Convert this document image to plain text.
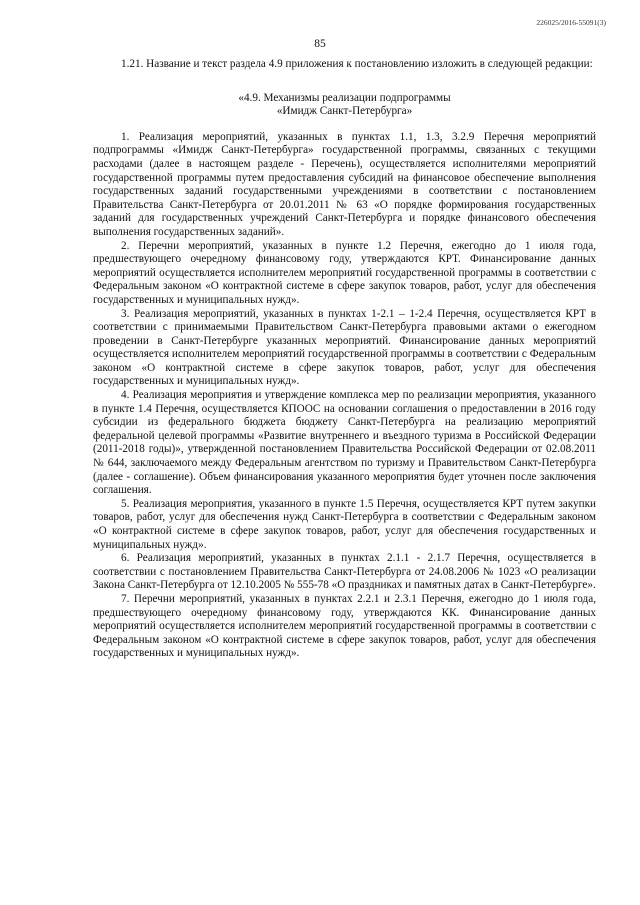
226025/2016-55091(3)
85

1.21. Название и текст раздела 4.9 приложения к постановлению изложить в следующей редакции:

«4.9. Механизмы реализации подпрограммы
«Имидж Санкт-Петербурга»

1. Реализация мероприятий, указанных в пунктах 1.1, 1.3, 3.2.9 Перечня мероприятий подпрограммы «Имидж Санкт-Петербурга» государственной программы, связанных с текущими расходами (далее в настоящем разделе - Перечень), осуществляется исполнителями мероприятий государственной программы путем предоставления субсидий на финансовое обеспечение выполнения государственных заданий государственными учреждениями в соответствии с постановлением Правительства Санкт-Петербурга от 20.01.2011 № 63 «О порядке формирования государственных заданий для государственных учреждений Санкт-Петербурга и порядке финансового обеспечения выполнения государственных заданий».

2. Перечни мероприятий, указанных в пункте 1.2 Перечня, ежегодно до 1 июля года, предшествующего очередному финансовому году, утверждаются КРТ. Финансирование данных мероприятий осуществляется исполнителем мероприятий государственной программы в соответствии с Федеральным законом «О контрактной системе в сфере закупок товаров, работ, услуг для обеспечения государственных и муниципальных нужд».

3. Реализация мероприятий, указанных в пунктах 1-2.1 – 1-2.4 Перечня, осуществляется КРТ в соответствии с принимаемыми Правительством Санкт-Петербурга правовыми актами о ежегодном проведении в Санкт-Петербурге указанных мероприятий. Финансирование данных мероприятий осуществляется исполнителем мероприятий государственной программы в соответствии с Федеральным законом «О контрактной системе в сфере закупок товаров, работ, услуг для обеспечения государственных и муниципальных нужд».

4. Реализация мероприятия и утверждение комплекса мер по реализации мероприятия, указанного в пункте 1.4 Перечня, осуществляется КПООС на основании соглашения о предоставлении в 2016 году субсидии из федерального бюджета бюджету Санкт-Петербурга на реализацию мероприятий федеральной целевой программы «Развитие внутреннего и въездного туризма в Российской Федерации (2011-2018 годы)», утвержденной постановлением Правительства Российской Федерации от 02.08.2011 № 644, заключаемого между Федеральным агентством по туризму и Правительством Санкт-Петербурга (далее - соглашение). Объем финансирования указанного мероприятия будет уточнен после заключения соглашения.

5. Реализация мероприятия, указанного в пункте 1.5 Перечня, осуществляется КРТ путем закупки товаров, работ, услуг для обеспечения нужд Санкт-Петербурга в соответствии с Федеральным законом «О контрактной системе в сфере закупок товаров, работ, услуг для обеспечения государственных и муниципальных нужд».

6. Реализация мероприятий, указанных в пунктах 2.1.1 - 2.1.7 Перечня, осуществляется в соответствии с постановлением Правительства Санкт-Петербурга от 24.08.2006 № 1023 «О реализации Закона Санкт-Петербурга от 12.10.2005 № 555-78 «О праздниках и памятных датах в Санкт-Петербурге».

7. Перечни мероприятий, указанных в пунктах 2.2.1 и 2.3.1 Перечня, ежегодно до 1 июля года, предшествующего очередному финансовому году, утверждаются КК. Финансирование данных мероприятий осуществляется исполнителем мероприятий государственной программы в соответствии с Федеральным законом «О контрактной системе в сфере закупок товаров, работ, услуг для обеспечения государственных и муниципальных нужд».
